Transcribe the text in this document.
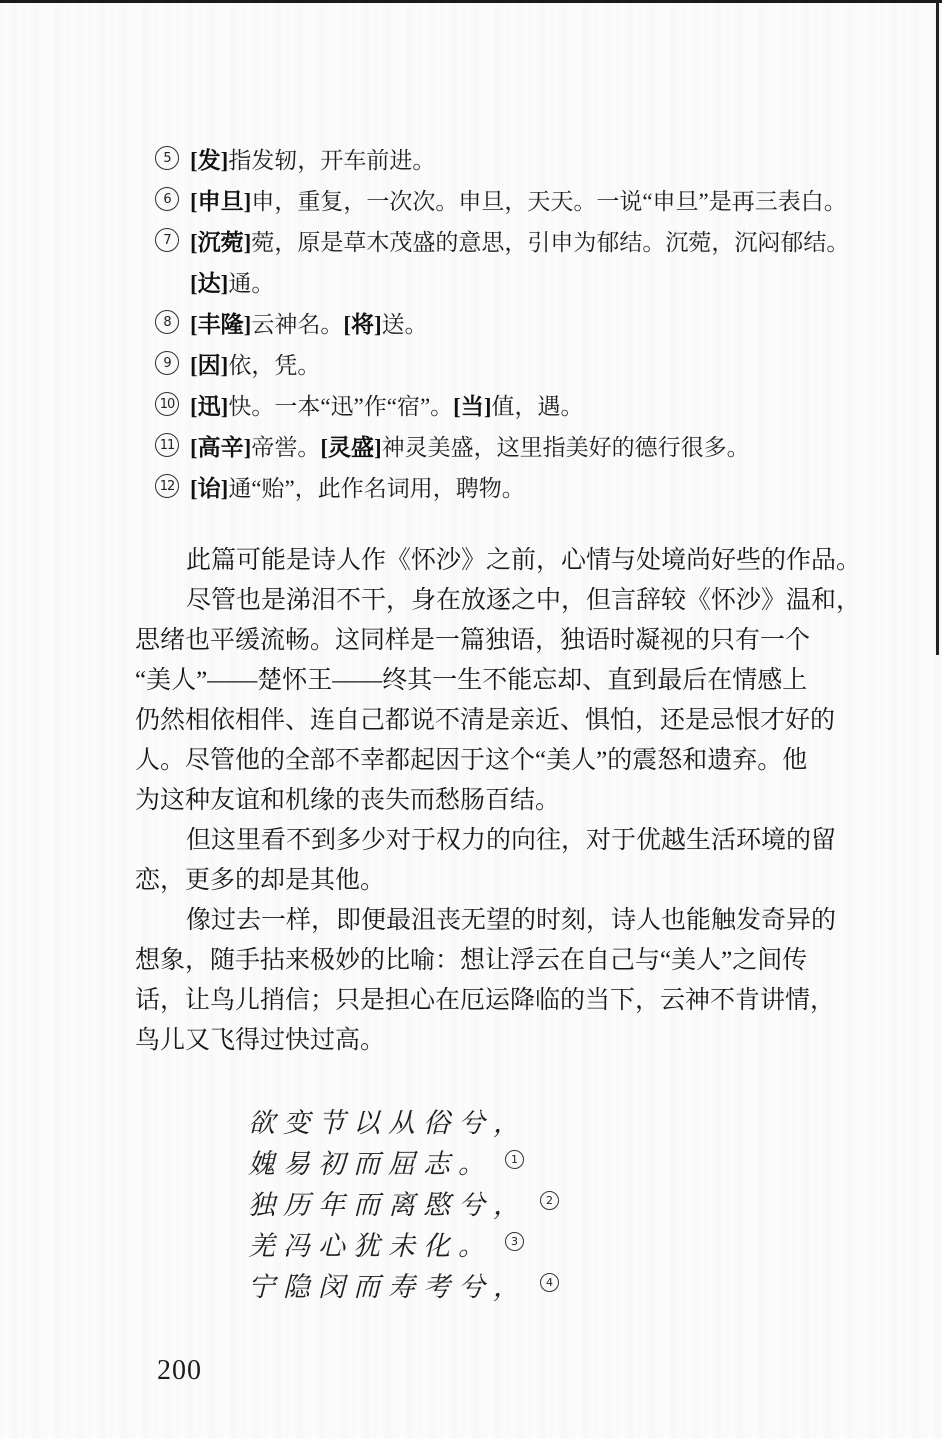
5 [发]指发轫，开车前进。
6 [申旦]申，重复，一次次。申旦，天天。一说“申旦”是再三表白。
7 [沉菀]菀，原是草木茂盛的意思，引申为郁结。沉菀，沉闷郁结。
[达]通。
8 [丰隆]云神名。[将]送。
9 [因]依，凭。
10 [迅]快。一本“迅”作“宿”。[当]值，遇。
11 [高辛]帝喾。[灵盛]神灵美盛，这里指美好的德行很多。
12 [诒]通“贻”，此作名词用，聘物。
此篇可能是诗人作《怀沙》之前，心情与处境尚好些的作品。
尽管也是涕泪不干，身在放逐之中，但言辞较《怀沙》温和，
思绪也平缓流畅。这同样是一篇独语，独语时凝视的只有一个
“美人”——楚怀王——终其一生不能忘却、直到最后在情感上
仍然相依相伴、连自己都说不清是亲近、惧怕，还是忌恨才好的
人。尽管他的全部不幸都起因于这个“美人”的震怒和遗弃。他
为这种友谊和机缘的丧失而愁肠百结。
但这里看不到多少对于权力的向往，对于优越生活环境的留
恋，更多的却是其他。
像过去一样，即便最沮丧无望的时刻，诗人也能触发奇异的
想象，随手拈来极妙的比喻：想让浮云在自己与“美人”之间传
话，让鸟儿捎信；只是担心在厄运降临的当下，云神不肯讲情，
鸟儿又飞得过快过高。
欲变节以从俗兮，
媿易初而屈志。 1
独历年而离愍兮， 2
羌冯心犹未化。 3
宁隐闵而寿考兮， 4
200
